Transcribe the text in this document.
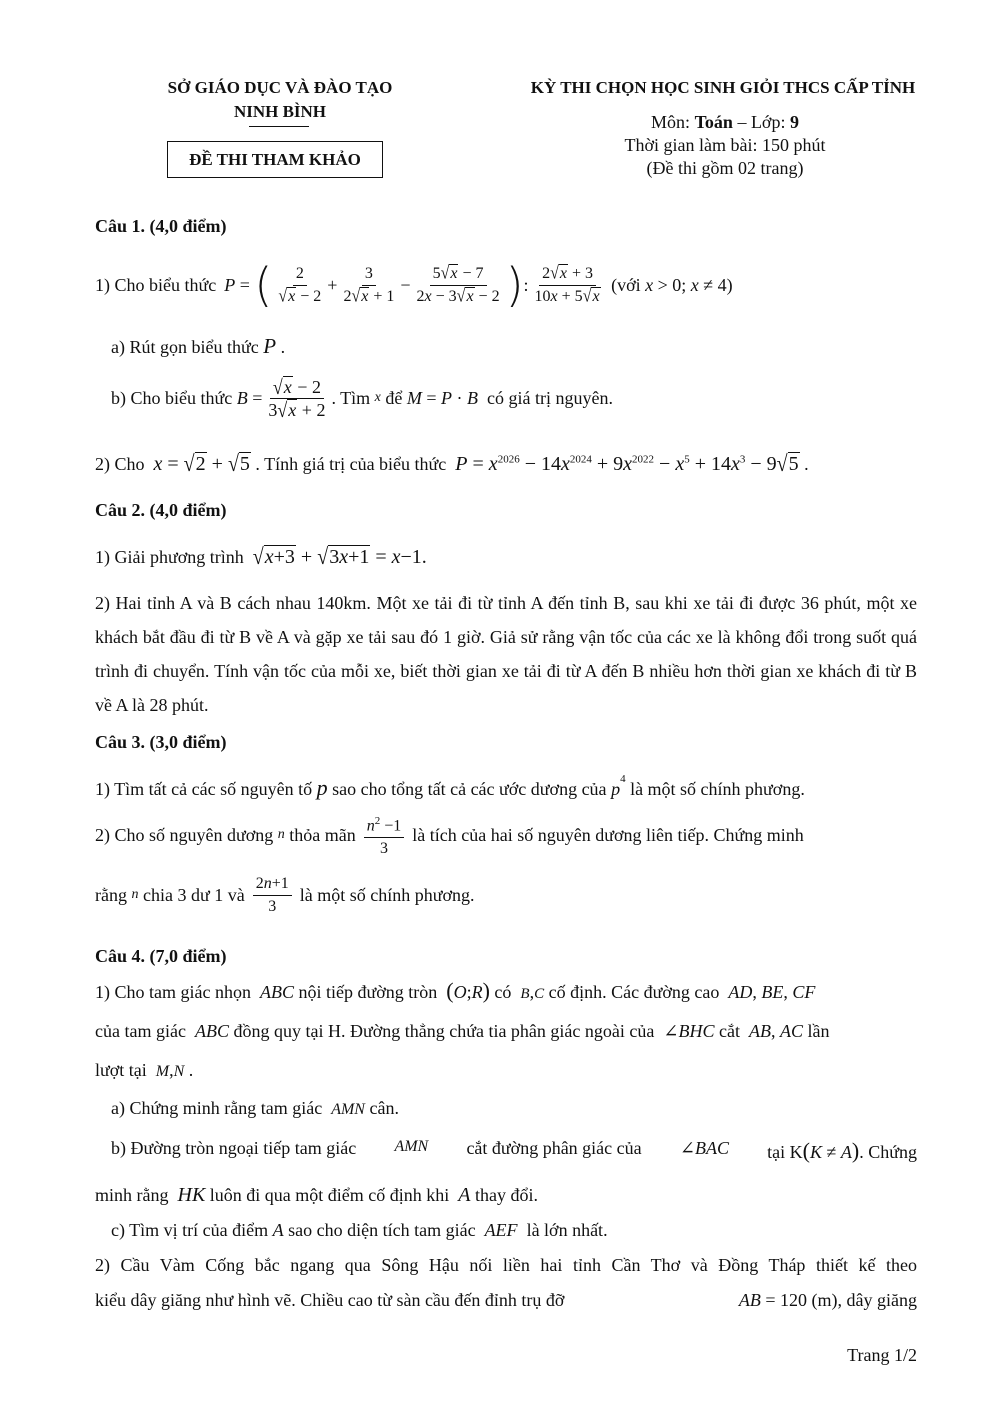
SỞ GIÁO DỤC VÀ ĐÀO TẠO
NINH BÌNH
ĐỀ THI THAM KHẢO
KỲ THI CHỌN HỌC SINH GIỎI THCS CẤP TỈNH
Môn: Toán – Lớp: 9
Thời gian làm bài: 150 phút
(Đề thi gồm 02 trang)
Câu 1. (4,0 điểm)
1) Cho biểu thức P = ( $\frac{2}{√x - 2} + \frac{3}{2√x + 1} - \frac{5√x - 7}{2x - 3√x - 2}$ ) : $\frac{2√x + 3}{10x + 5√x}$
(với
x > 0; x ≠ 4)
a) Rút gọn biểu thức P .
b) Cho biểu thức
$B = \frac{√x - 2}{3√x + 2}$ . Tìm
x
để
M = P · B
có giá trị nguyên.
2) Cho x = √2 + √5 . Tính giá trị của biểu thức $P = x^{2026} - 14x^{2024} + 9x^{2022} - x^5 + 14x^3 - 9√5$ .
Câu 2. (4,0 điểm)
1) Giải phương trình √x+3 + √3x+1 = x−1.
2) Hai tỉnh A và B cách nhau 140km. Một xe tải đi từ tỉnh A đến tỉnh B, sau khi xe tải đi được 36 phút, một xe khách bắt đầu đi từ B về A và gặp xe tải sau đó 1 giờ. Giả sử rằng vận tốc của các xe là không đổi trong suốt quá trình đi chuyển. Tính vận tốc của mỗi xe, biết thời gian xe tải đi từ A đến B nhiều hơn thời gian xe khách đi từ B về A là 28 phút.
Câu 3. (3,0 điểm)
1) Tìm tất cả các số nguyên tố p sao cho tổng tất cả các ước dương của $p^4$ là một số chính phương.
2) Cho số nguyên dương
n
thỏa mãn $\frac{n^2 -1}{3}$ là tích của hai số nguyên dương liên tiếp. Chứng minh
rằng
n
chia 3 dư 1 và $\frac{2n+1}{3}$ là một số chính phương.
Câu 4. (7,0 điểm)
1) Cho tam giác nhọn ABC nội tiếp đường tròn (O;R) có B,C cố định. Các đường cao AD, BE, CF
của tam giác ABC đồng quy tại H. Đường thẳng chứa tia phân giác ngoài của  ∠BHC cắt AB, AC lần
lượt tại M,N .
a) Chứng minh rằng tam giác AMN cân.
b) Đường tròn ngoại tiếp tam giác AMN cắt đường phân giác của ∠BAC tại K(K ≠ A). Chứng
minh rằng HK luôn đi qua một điểm cố định khi A thay đổi.
c) Tìm vị trí của điểm A sao cho diện tích tam giác AEF là lớn nhất.
2) Cầu Vàm Cống bắc ngang qua Sông Hậu nối liền hai tỉnh Cần Thơ và Đồng Tháp thiết kế theo
kiểu dây giăng như hình vẽ. Chiều cao từ sàn cầu đến đỉnh trụ đỡ	AB = 120 (m), dây giăng
Trang 1/2
